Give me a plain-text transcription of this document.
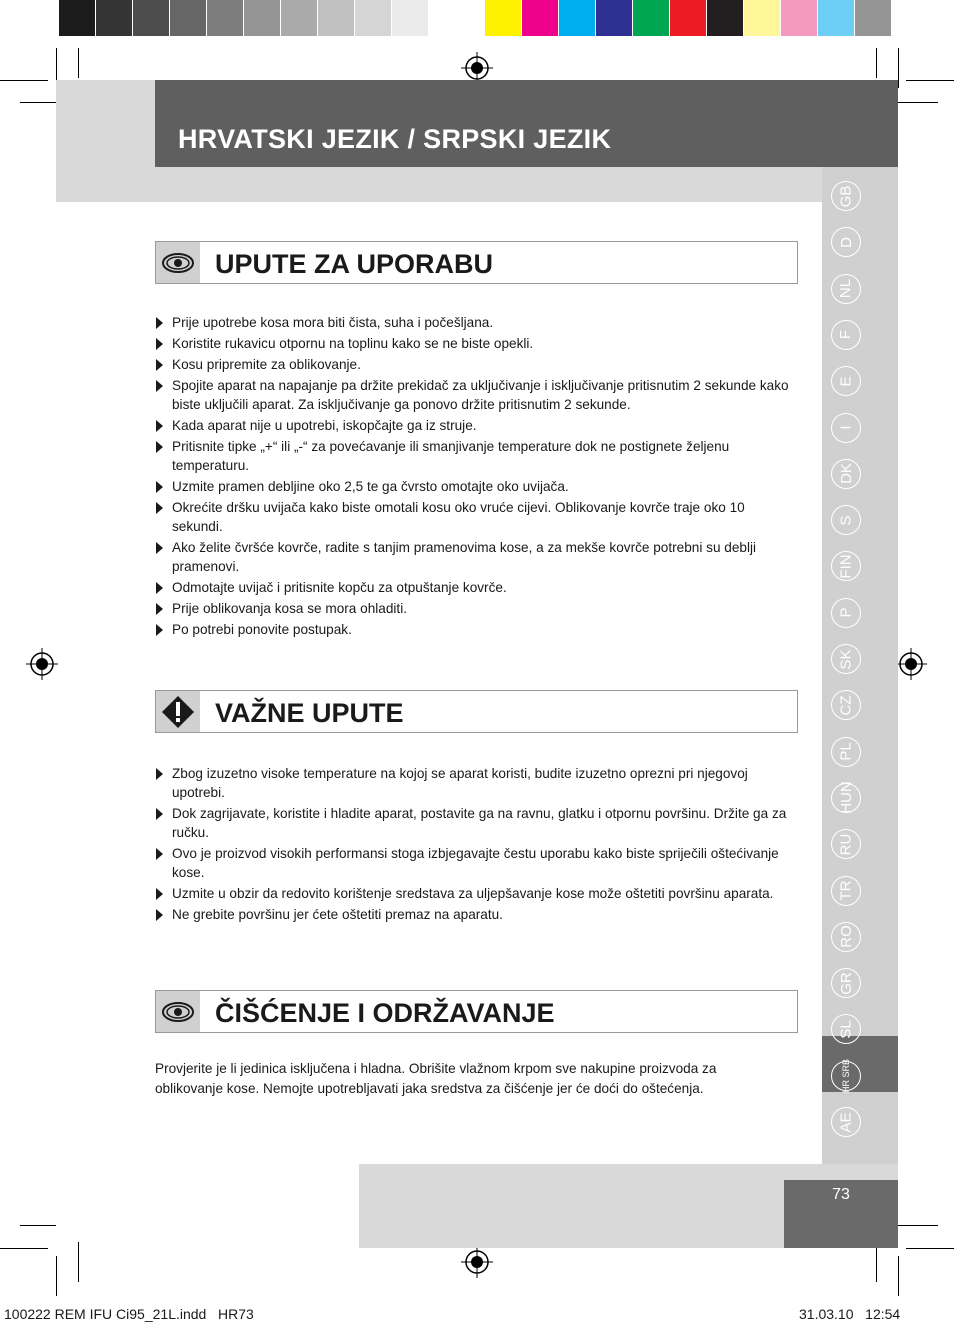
HRVATSKI JEZIK / SRPSKI JEZIK
GB
D
NL
F
E
I
DK
S
FIN
P
SK
CZ
PL
HUN
RU
TR
RO
GR
SL
HR SRB
AE
UPUTE ZA UPORABU
Prije upotrebe kosa mora biti čista, suha i počešljana.
Koristite rukavicu otpornu na toplinu kako se ne biste opekli.
Kosu pripremite za oblikovanje.
Spojite aparat na napajanje pa držite prekidač za uključivanje i isključivanje pritisnutim 2 sekunde kako biste uključili aparat. Za isključivanje ga ponovo držite pritisnutim 2 sekunde.
Kada aparat nije u upotrebi, iskopčajte ga iz struje.
Pritisnite tipke „+“ ili „-“ za povećavanje ili smanjivanje temperature dok ne postignete željenu temperaturu.
Uzmite pramen debljine oko 2,5 te ga čvrsto omotajte oko uvijača.
Okrećite dršku uvijača kako biste omotali kosu oko vruće cijevi. Oblikovanje kovrče traje oko 10 sekundi.
Ako želite čvršće kovrče, radite s tanjim pramenovima kose, a za mekše kovrče potrebni su deblji pramenovi.
Odmotajte uvijač i pritisnite kopču za otpuštanje kovrče.
Prije oblikovanja kosa se mora ohladiti.
Po potrebi ponovite postupak.
VAŽNE UPUTE
Zbog izuzetno visoke temperature na kojoj se aparat koristi, budite izuzetno oprezni pri njegovoj upotrebi.
Dok zagrijavate, koristite i hladite aparat, postavite ga na ravnu, glatku i otpornu površinu. Držite ga za ručku.
Ovo je proizvod visokih performansi stoga izbjegavajte čestu uporabu kako biste spriječili oštećivanje kose.
Uzmite u obzir da redovito korištenje sredstava za uljepšavanje kose može oštetiti površinu aparata.
Ne grebite površinu jer ćete oštetiti premaz na aparatu.
ČIŠĆENJE I ODRŽAVANJE
Provjerite je li jedinica isključena i hladna. Obrišite vlažnom krpom sve nakupine proizvoda za oblikovanje kose. Nemojte upotrebljavati jaka sredstva za čišćenje jer će doći do oštećenja.
73
100222 REM IFU Ci95_21L.indd   HR73	31.03.10   12:54
